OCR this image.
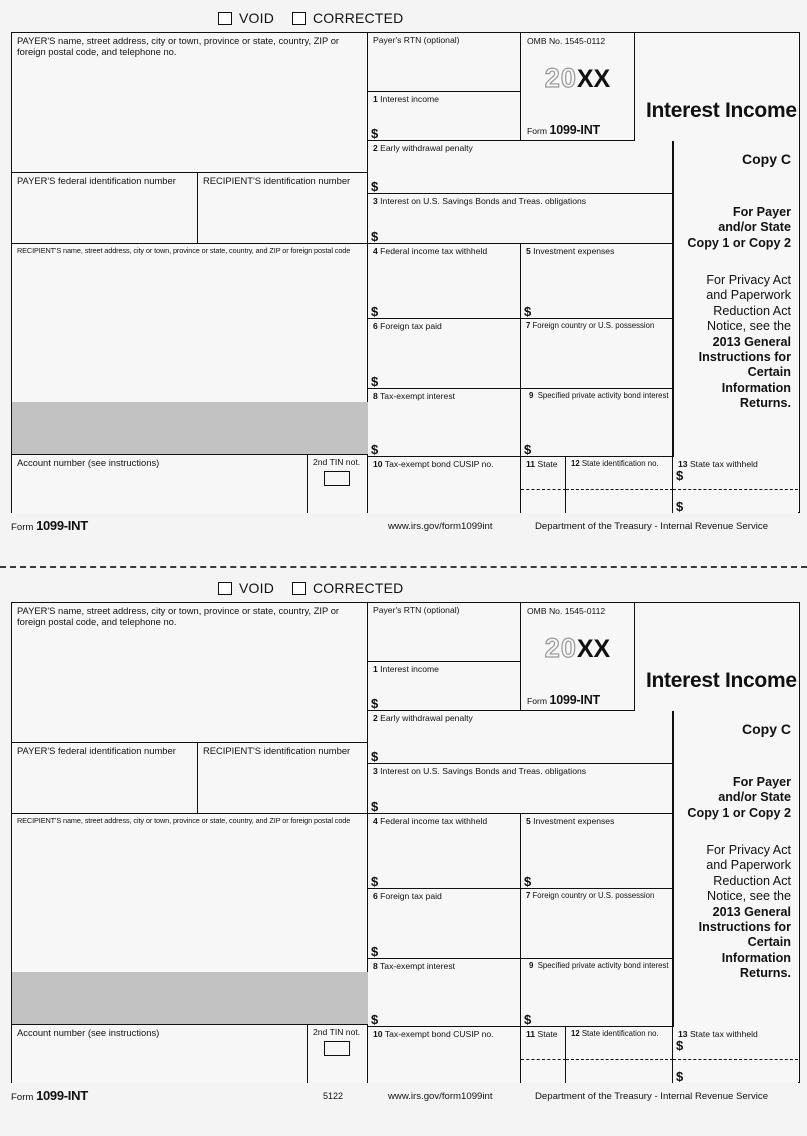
VOID	CORRECTED
PAYER'S name, street address, city or town, province or state, country, ZIP or foreign postal code, and telephone no.
PAYER'S federal identification number	RECIPIENT'S identification number
RECIPIENT'S name, street address, city or town, province or state, country, and ZIP or foreign postal code
Account number (see instructions)	2nd TIN not.
Payer's RTN (optional)
1 Interest income
$
2 Early withdrawal penalty
$
3 Interest on U.S. Savings Bonds and Treas. obligations
$
4 Federal income tax withheld
$
5 Investment expenses
$
6 Foreign tax paid
$
7 Foreign country or U.S. possession
8 Tax-exempt interest
$
9 Specified private activity bond interest
$
10 Tax-exempt bond CUSIP no.	11 State 12 State identification no. 13 State tax withheld
$
$
OMB No. 1545-0112
20XX
Form 1099-INT
Interest Income
Copy C
For Payer
and/or State
Copy 1 or Copy 2
For Privacy Act
and Paperwork
Reduction Act
Notice, see the
2013 General
Instructions for
Certain
Information
Returns.
Form 1099-INT	www.irs.gov/form1099int	Department of the Treasury - Internal Revenue Service
VOID	CORRECTED
PAYER'S name, street address, city or town, province or state, country, ZIP or foreign postal code, and telephone no.
PAYER'S federal identification number	RECIPIENT'S identification number
RECIPIENT'S name, street address, city or town, province or state, country, and ZIP or foreign postal code
Account number (see instructions)	2nd TIN not.
Payer's RTN (optional)
1 Interest income
$
2 Early withdrawal penalty
$
3 Interest on U.S. Savings Bonds and Treas. obligations
$
4 Federal income tax withheld
$
5 Investment expenses
$
6 Foreign tax paid
$
7 Foreign country or U.S. possession
8 Tax-exempt interest
$
9 Specified private activity bond interest
$
10 Tax-exempt bond CUSIP no.	11 State 12 State identification no. 13 State tax withheld
$
$
OMB No. 1545-0112
20XX
Form 1099-INT
Interest Income
Copy C
For Payer
and/or State
Copy 1 or Copy 2
For Privacy Act
and Paperwork
Reduction Act
Notice, see the
2013 General
Instructions for
Certain
Information
Returns.
Form 1099-INT	5122	www.irs.gov/form1099int	Department of the Treasury - Internal Revenue Service
